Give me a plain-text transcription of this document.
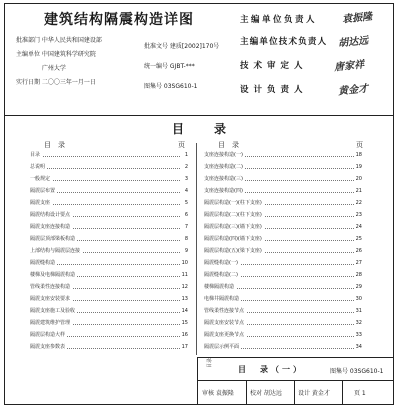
建筑结构隔震构造详图
批准部门 中华人民共和国建设部
主编单位 中国建筑科学研究院
　　　　 广州大学
实行日期 二〇〇三年一月一日
批准文号 建质[2002]170号
统一编号 GJBT-***
图集号 03SG610-1
主编单位负责人
主编单位技术负责人
技术审定人
设计负责人
袁振隆
胡达远
唐家祥
黄金才
目　　录
目　录	页	目　录	页
目录	1
总说明	2
一般规定	3
隔震层布置	4
隔震支座	5
隔震结构设计要点	6
隔震支座连接构造	7
隔震层顶部梁板构造	8
上部结构与隔震层连接	9
隔震缝构造	10
楼梯及电梯隔震构造	11
管线柔性连接构造	12
隔震支座安装要求	13
隔震支座施工及验收	14
隔震建筑维护管理	15
隔震层构造大样	16
隔震支座参数表	17
支座连接构造(一)	18
支座连接构造(二)	19
支座连接构造(三)	20
支座连接构造(四)	21
隔震层构造(一)(柱下支座)	22
隔震层构造(二)(柱下支座)	23
隔震层构造(三)(墙下支座)	24
隔震层构造(四)(墙下支座)	25
隔震层构造(五)(梁下支座)	26
隔震缝构造(一)	27
隔震缝构造(二)	28
楼梯隔震构造	29
电梯井隔震构造	30
管线柔性连接节点	31
隔震支座安装节点	32
隔震支座更换节点	33
隔震层示例平面	34
目　录（一）	图集号 03SG610-1
审核 袁振隆	校对 胡达远	设计 黄金才	页 1
目录
